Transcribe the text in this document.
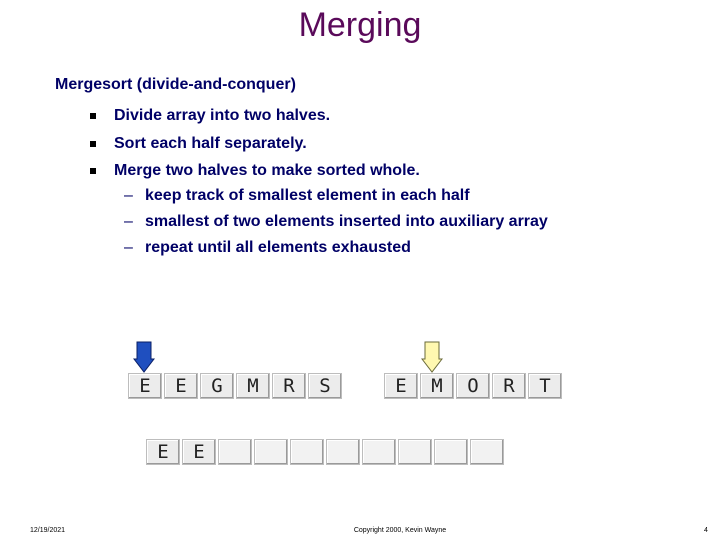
Merging
Mergesort (divide-and-conquer)
Divide array into two halves.
Sort each half separately.
Merge two halves to make sorted whole.
– keep track of smallest element in each half
– smallest of two elements inserted into auxiliary array
– repeat until all elements exhausted
E	E	G	M	R	S	E	M	O	R	T
E	E
12/19/2021	Copyright 2000, Kevin Wayne	4
